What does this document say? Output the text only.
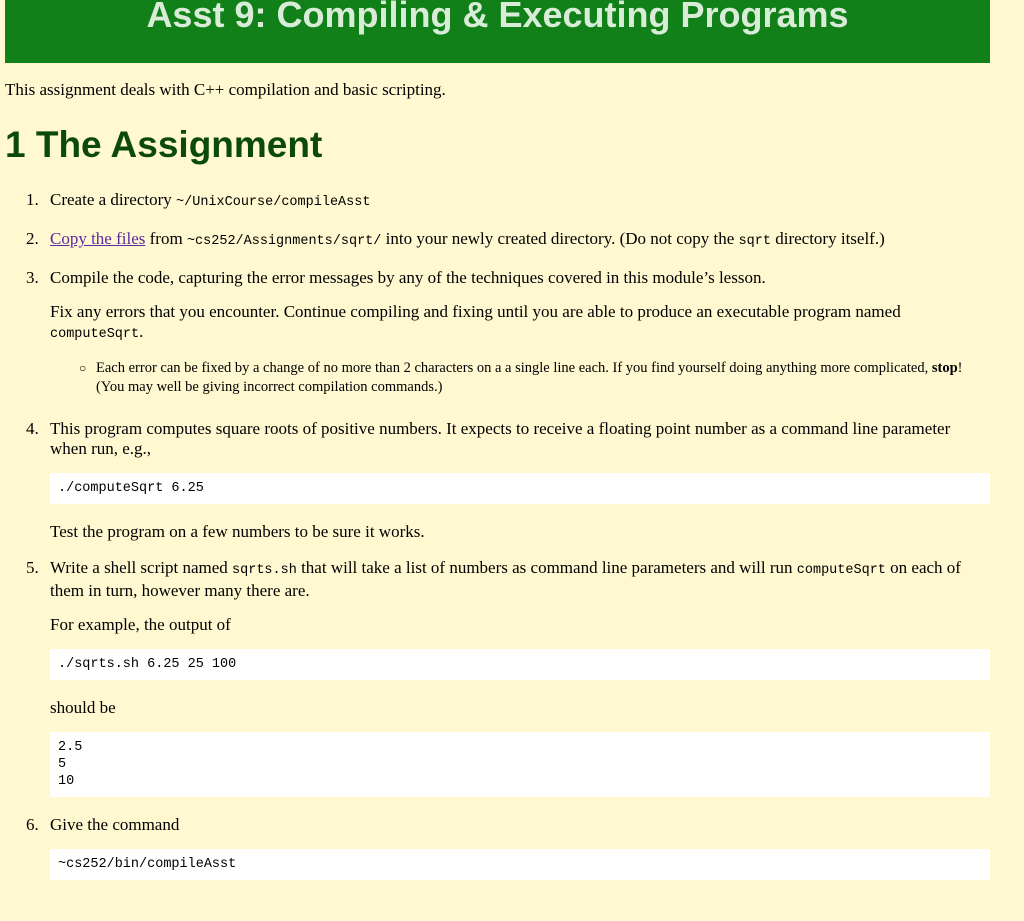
Asst 9: Compiling & Executing Programs

This assignment deals with C++ compilation and basic scripting.

1 The Assignment
1. Create a directory ~/UnixCourse/compileAsst

2. Copy the files from ~cs252/Assignments/sqrt/ into your newly created directory. (Do not copy the sqrt directory itself.)

3. Compile the code, capturing the error messages by any of the techniques covered in this module’s lesson.

Fix any errors that you encounter. Continue compiling and fixing until you are able to produce an executable program named computeSqrt.

○ Each error can be fixed by a change of no more than 2 characters on a a single line each. If you find yourself doing anything more complicated, stop! (You may well be giving incorrect compilation commands.)
4. This program computes square roots of positive numbers. It expects to receive a floating point number as a command line parameter when run, e.g.,

./computeSqrt 6.25

Test the program on a few numbers to be sure it works.

5. Write a shell script named sqrts.sh that will take a list of numbers as command line parameters and will run computeSqrt on each of them in turn, however many there are.

For example, the output of

./sqrts.sh 6.25 25 100

should be

2.5
5
10
6. Give the command

~cs252/bin/compileAsst
